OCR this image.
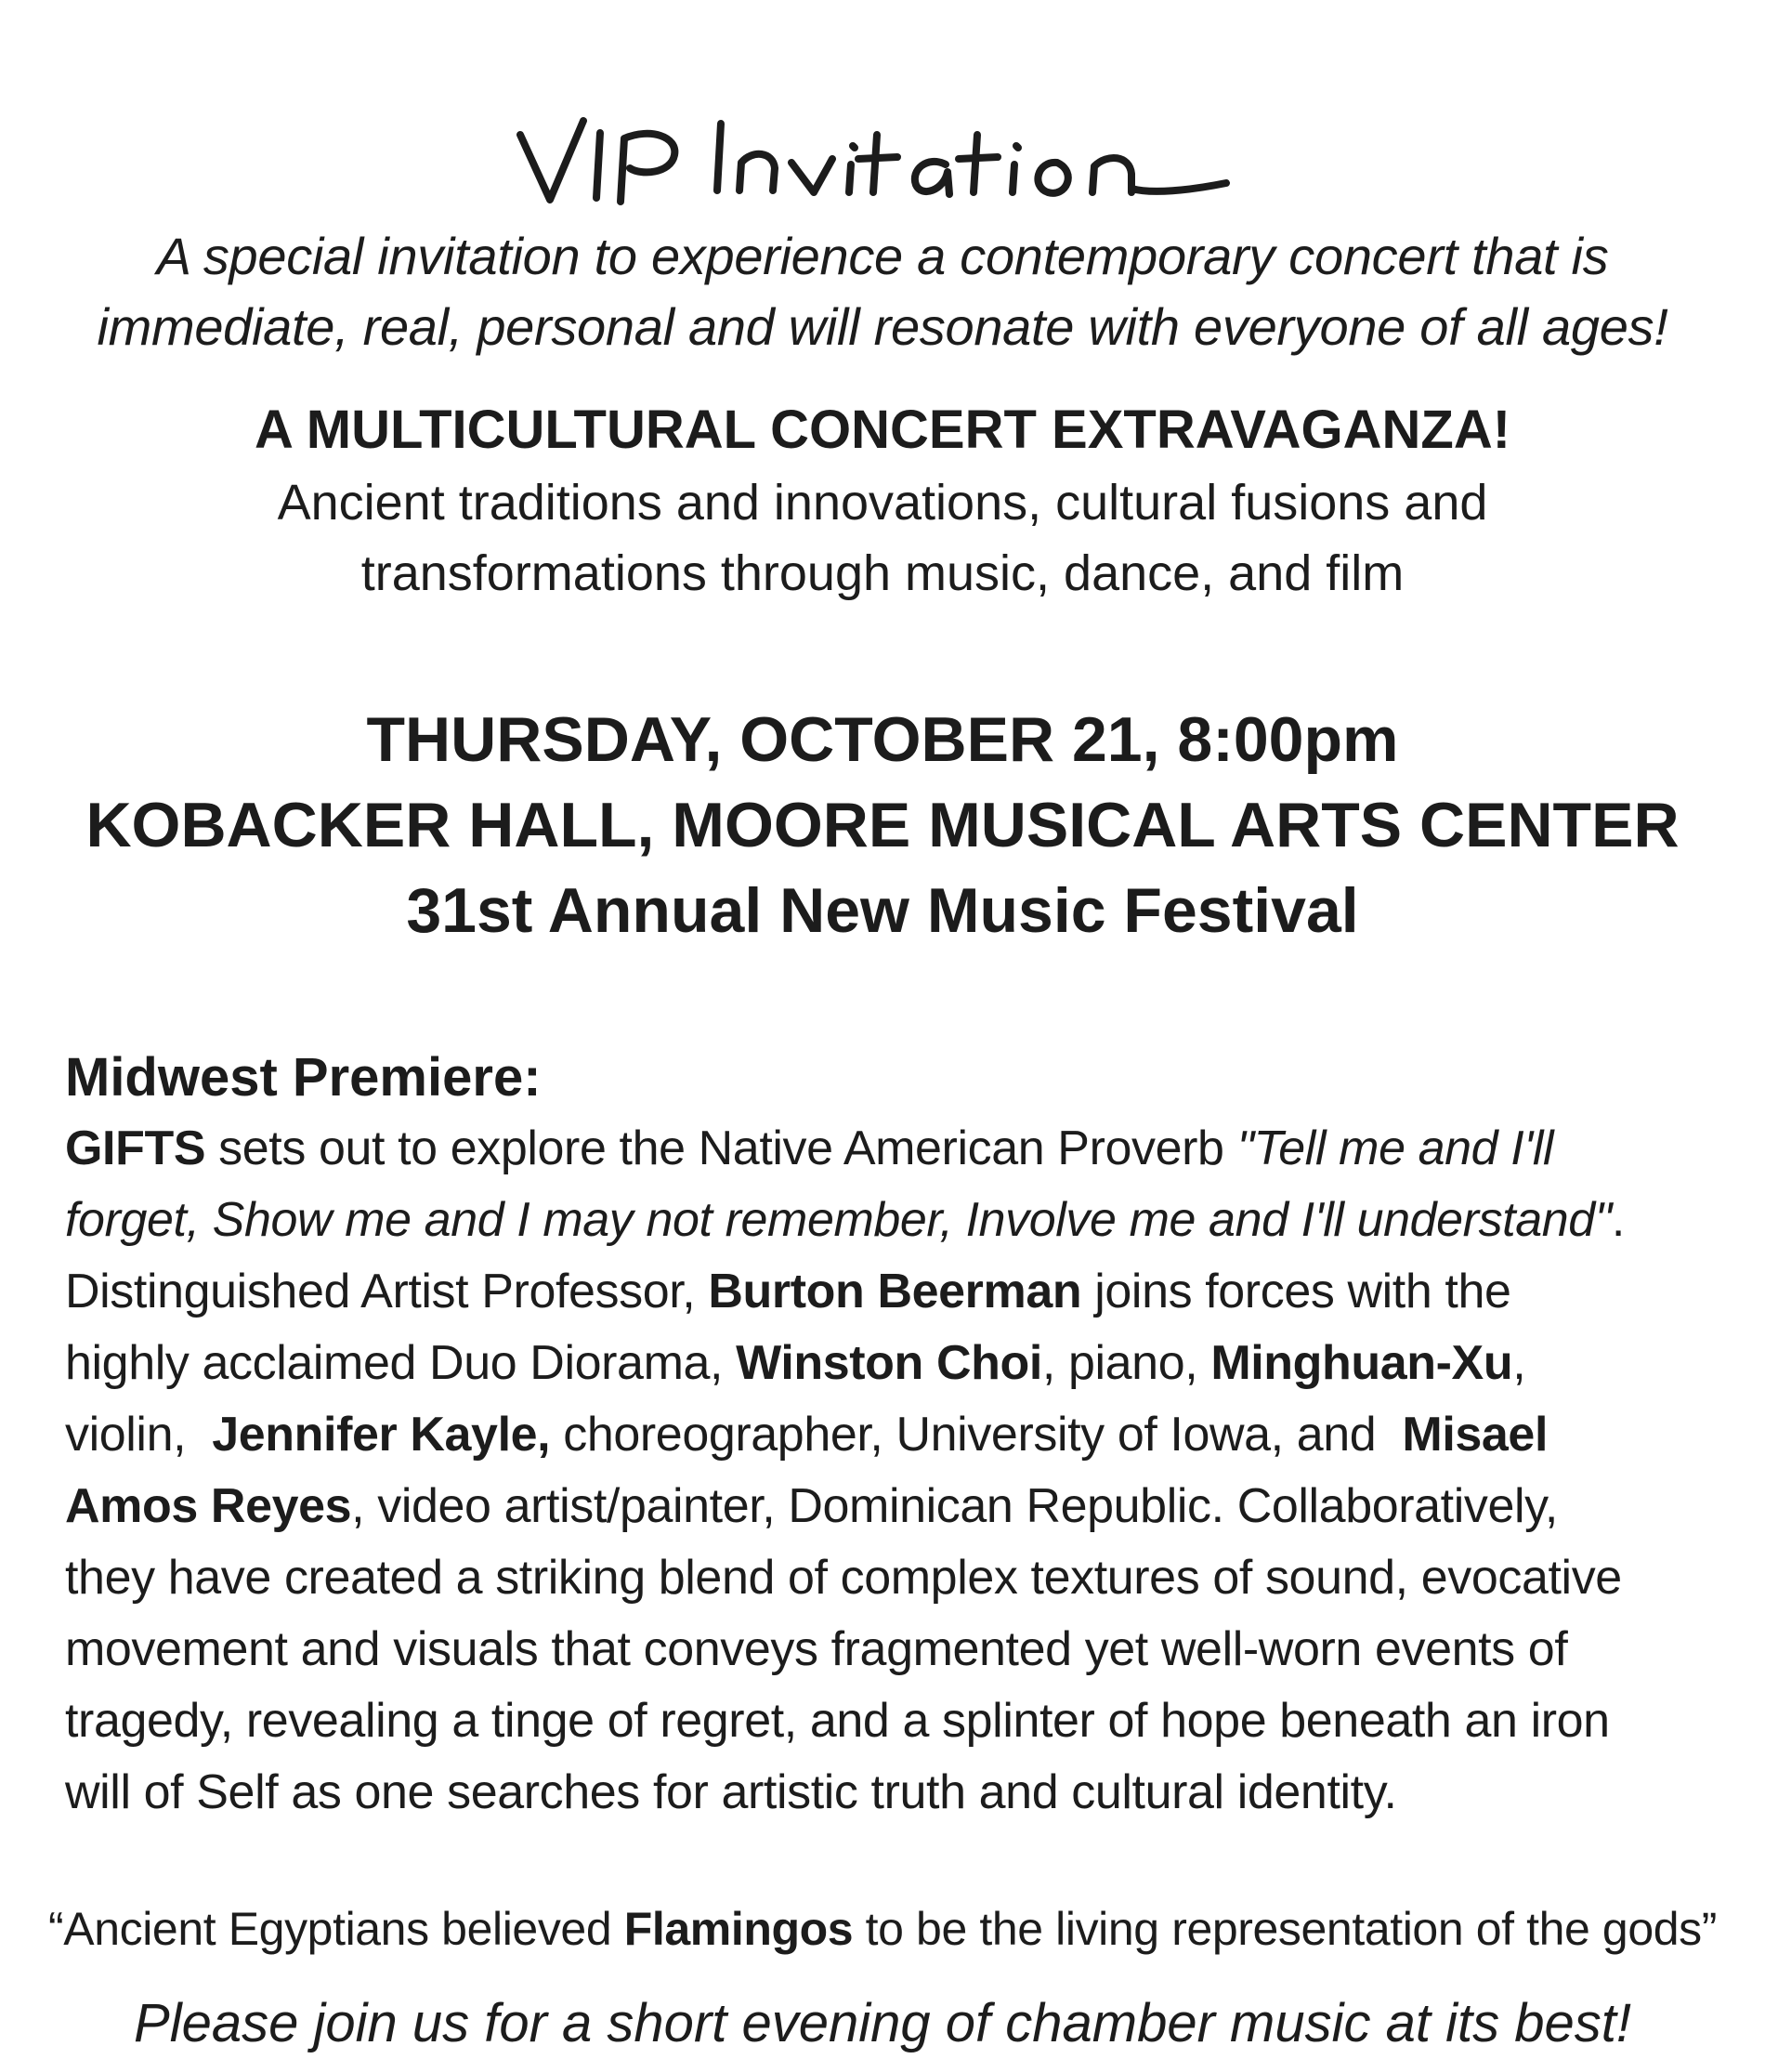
A special invitation to experience a contemporary concert that is
immediate, real, personal and will resonate with everyone of all ages!
A MULTICULTURAL CONCERT EXTRAVAGANZA!
Ancient traditions and innovations, cultural fusions and
transformations through music, dance, and film
THURSDAY, OCTOBER 21, 8:00pm
KOBACKER HALL, MOORE MUSICAL ARTS CENTER
31st Annual New Music Festival
Midwest Premiere:
GIFTS sets out to explore the Native American Proverb "Tell me and I'll
forget, Show me and I may not remember, Involve me and I'll understand".
Distinguished Artist Professor, Burton Beerman joins forces with the
highly acclaimed Duo Diorama, Winston Choi, piano, Minghuan-Xu,
violin,  Jennifer Kayle, choreographer, University of Iowa, and  Misael
Amos Reyes, video artist/painter, Dominican Republic. Collaboratively,
they have created a striking blend of complex textures of sound, evocative
movement and visuals that conveys fragmented yet well-worn events of
tragedy, revealing a tinge of regret, and a splinter of hope beneath an iron
will of Self as one searches for artistic truth and cultural identity.
“Ancient Egyptians believed Flamingos to be the living representation of the gods”
Please join us for a short evening of chamber music at its best!
